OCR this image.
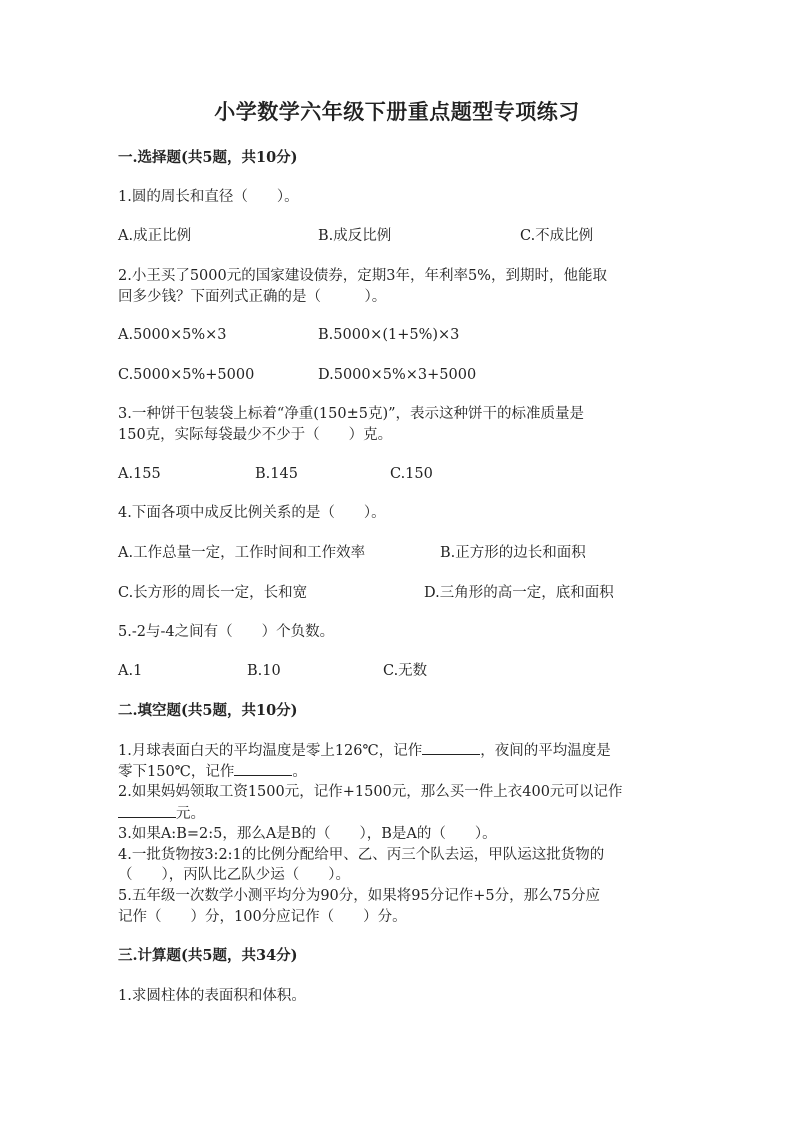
小学数学六年级下册重点题型专项练习
一.选择题(共5题，共10分)
1.圆的周长和直径（　　）。
A.成正比例	B.成反比例	C.不成比例
2.小王买了5000元的国家建设债券，定期3年，年利率5%，到期时，他能取
回多少钱？下面列式正确的是（　　　）。
A.5000×5%×3	B.5000×(1+5%)×3
C.5000×5%+5000	D.5000×5%×3+5000
3.一种饼干包装袋上标着“净重(150±5克)”，表示这种饼干的标准质量是
150克，实际每袋最少不少于（　　）克。
A.155	B.145	C.150
4.下面各项中成反比例关系的是（　　）。
A.工作总量一定，工作时间和工作效率	B.正方形的边长和面积
C.长方形的周长一定，长和宽	D.三角形的高一定，底和面积
5.-2与-4之间有（　　）个负数。
A.1	B.10	C.无数
二.填空题(共5题，共10分)
1.月球表面白天的平均温度是零上126℃，记作	，夜间的平均温度是
零下150℃，记作	。
2.如果妈妈领取工资1500元，记作+1500元，那么买一件上衣400元可以记作
元。
3.如果A:B=2:5，那么A是B的（　　），B是A的（　　）。
4.一批货物按3:2:1的比例分配给甲、乙、丙三个队去运，甲队运这批货物的
（　　），丙队比乙队少运（　　）。
5.五年级一次数学小测平均分为90分，如果将95分记作+5分，那么75分应
记作（　　）分，100分应记作（　　）分。
三.计算题(共5题，共34分)
1.求圆柱体的表面积和体积。
